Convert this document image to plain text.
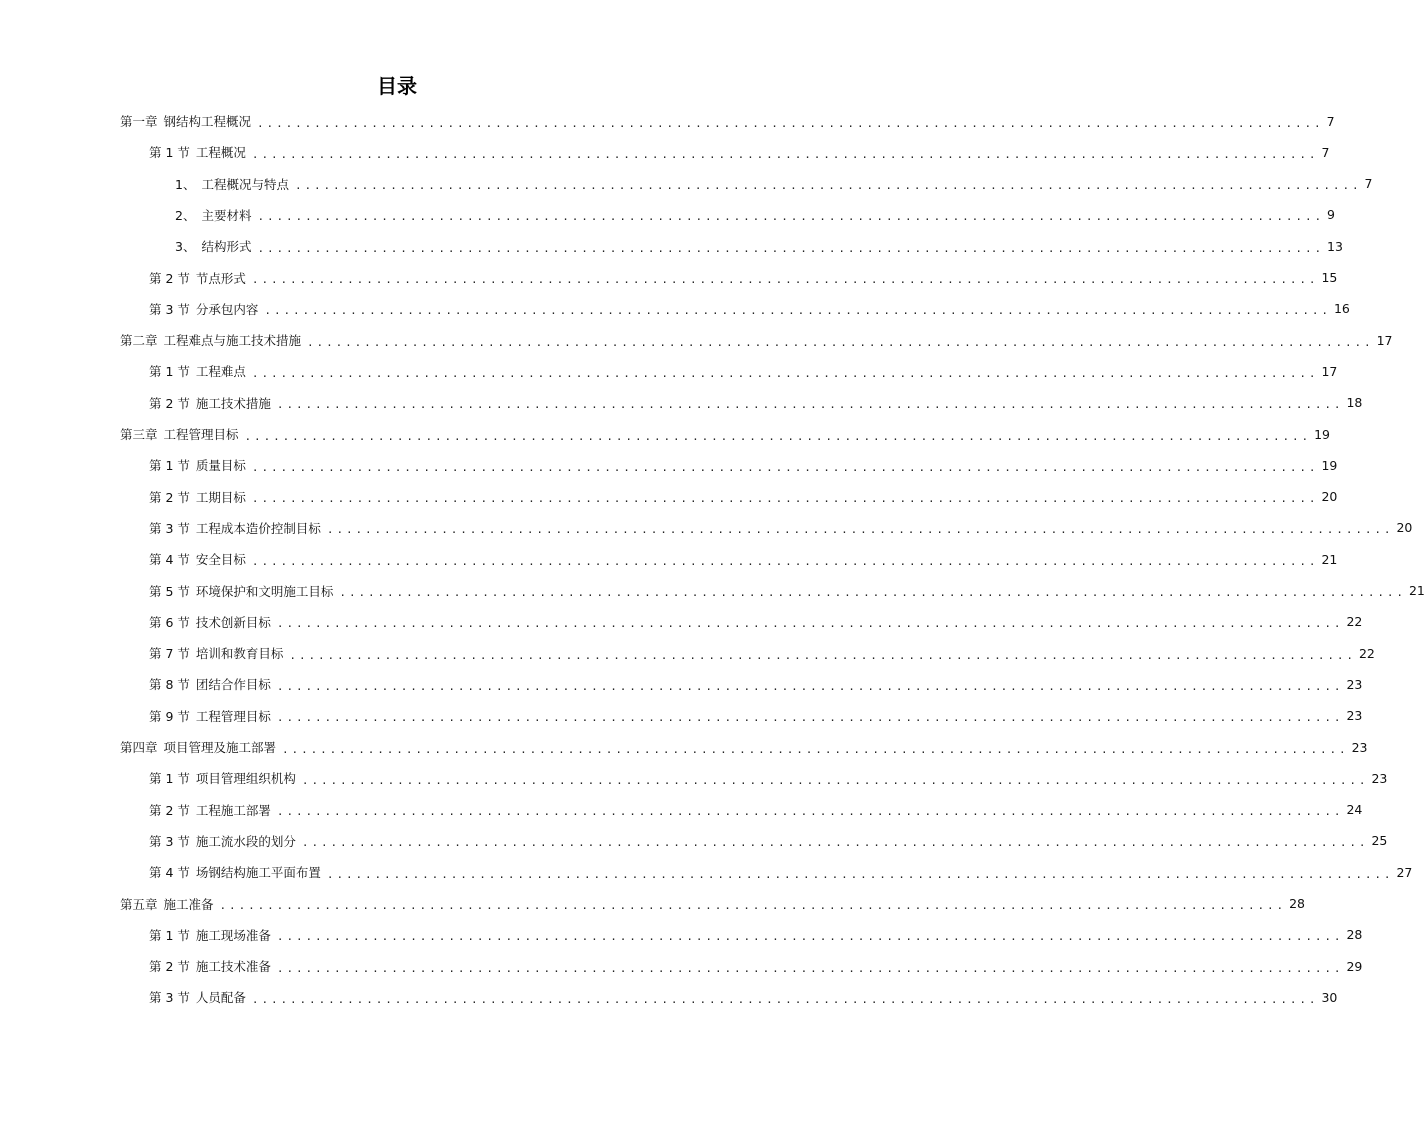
目录
第一章 钢结构工程概况 ................................................................................................................ 7
第 1 节 工程概况 ................................................................................................................ 7
1、 工程概况与特点 ................................................................................................................ 7
2、 主要材料 ................................................................................................................ 9
3、 结构形式 ................................................................................................................ 13
第 2 节 节点形式 ................................................................................................................ 15
第 3 节 分承包内容 ................................................................................................................ 16
第二章 工程难点与施工技术措施 ................................................................................................................ 17
第 1 节 工程难点 ................................................................................................................ 17
第 2 节 施工技术措施 ................................................................................................................ 18
第三章 工程管理目标 ................................................................................................................ 19
第 1 节 质量目标 ................................................................................................................ 19
第 2 节 工期目标 ................................................................................................................ 20
第 3 节 工程成本造价控制目标 ................................................................................................................ 20
第 4 节 安全目标 ................................................................................................................ 21
第 5 节 环境保护和文明施工目标 ................................................................................................................ 21
第 6 节 技术创新目标 ................................................................................................................ 22
第 7 节 培训和教育目标 ................................................................................................................ 22
第 8 节 团结合作目标 ................................................................................................................ 23
第 9 节 工程管理目标 ................................................................................................................ 23
第四章 项目管理及施工部署 ................................................................................................................ 23
第 1 节 项目管理组织机构 ................................................................................................................ 23
第 2 节 工程施工部署 ................................................................................................................ 24
第 3 节 施工流水段的划分 ................................................................................................................ 25
第 4 节 场钢结构施工平面布置 ................................................................................................................ 27
第五章 施工准备 ................................................................................................................ 28
第 1 节 施工现场准备 ................................................................................................................ 28
第 2 节 施工技术准备 ................................................................................................................ 29
第 3 节 人员配备 ................................................................................................................ 30
